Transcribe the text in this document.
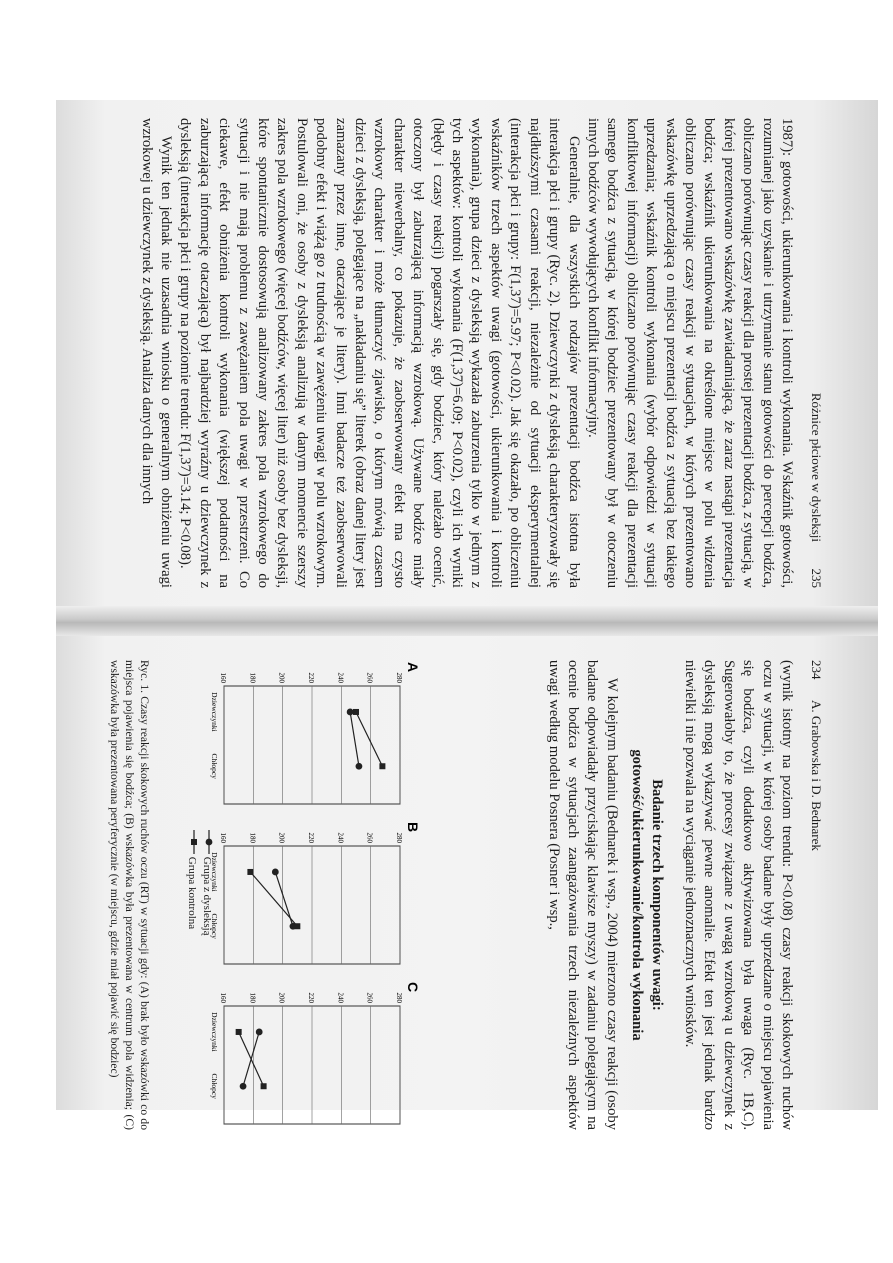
Różnice płciowe w dysleksji
235

1987): gotowości, ukierunkowania i kontroli wykonania. Wskaźnik gotowości, rozumianej jako uzyskanie i utrzymanie stanu gotowości do percepcji bodźca, obliczano porównując czasy reakcji dla prostej prezentacji bodźca, z sytuacją, w której prezentowano wskazówkę zawiadamiającą, że zaraz nastąpi prezentacja bodźca; wskaźnik ukierunkowania na określone miejsce w polu widzenia obliczano porównując czasy reakcji w sytuacjach, w których prezentowano wskazówkę uprzedzającą o miejscu prezentacji bodźca z sytuacją bez takiego uprzedzania; wskaźnik kontroli wykonania (wybór odpowiedzi w sytuacji konfliktowej informacji) obliczano porównując czasy reakcji dla prezentacji samego bodźca z sytuacją, w której bodziec prezentowany był w otoczeniu innych bodźców wywołujących konflikt informacyjny.

Generalnie, dla wszystkich rodzajów prezentacji bodźca istotna była interakcja płci i grupy (Ryc. 2). Dziewczynki z dysleksją charakteryzowały się najdłuższymi czasami reakcji, niezależnie od sytuacji eksperymentalnej (interakcja płci i grupy: F(1,37)=5.97; P<0.02). Jak się okazało, po obliczeniu wskaźników trzech aspektów uwagi (gotowości, ukierunkowania i kontroli wykonania), grupa dzieci z dysleksją wykazała zaburzenia tylko w jednym z tych aspektów: kontroli wykonania (F(1,37)=6.09; P<0.02), czyli ich wyniki (błędy i czasy reakcji) pogarszały się, gdy bodziec, który należało ocenić, otoczony był zaburzającą informacją wzrokową. Używane bodźce miały charakter niewerbalny, co pokazuje, że zaobserwowany efekt ma czysto wzrokowy charakter i może tłumaczyć zjawisko, o którym mówią czasem dzieci z dysleksją, polegające na „nakładaniu się” literek (obraz danej litery jest zamazany przez inne, otaczające je litery). Inni badacze też zaobserwowali podobny efekt i wiążą go z trudnością w zawężeniu uwagi w polu wzrokowym. Postulowali oni, że osoby z dysleksją analizują w danym momencie szerszy zakres pola wzrokowego (więcej bodźców, więcej liter) niż osoby bez dysleksji, które spontanicznie dostosowują analizowany zakres pola wzrokowego do sytuacji i nie mają problemu z zawężaniem pola uwagi w przestrzeni. Co ciekawe, efekt obniżenia kontroli wykonania (większej podatności na zaburzającą informację otaczającą) był najbardziej wyraźny u dziewczynek z dysleksją (interakcja płci i grupy na poziomie trendu: F(1,37)=3.14; P<0.08).

Wynik ten jednak nie uzasadnia wniosku o generalnym obniżeniu uwagi wzrokowej u dziewczynek z dysleksją. Analiza danych dla innych

234
A. Grabowska i D. Bednarek

(wynik istotny na poziom trendu: P<0.08) czasy reakcji skokowych ruchów oczu w sytuacji, w której osoby badane były uprzedzane o miejscu pojawienia się bodźca, czyli dodatkowo aktywizowana była uwaga (Ryc. 1B,C). Sugerowałoby to, że procesy związane z uwagą wzrokową u dziewczynek z dysleksją mogą wykazywać pewne anomalie. Efekt ten jest jednak bardzo niewielki i nie pozwala na wyciąganie jednoznacznych wniosków.

Badanie trzech komponentów uwagi:
gotowość/ukierunkowanie/kontrola wykonania

W kolejnym badaniu (Bednarek i wsp., 2004) mierzono czasy reakcji (osoby badane odpowiadały przyciskając klawisze myszy) w zadaniu polegającym na ocenie bodźca w sytuacjach zaangażowania trzech niezależnych aspektów uwagi według modelu Posnera (Posner i wsp.,

A
280
260
240
220
200
180
160
Dziewczynki
Chłopcy
B
280
260
240
220
200
180
160
Dziewczynki
Chłopcy
C
280
260
240
220
200
180
160
Dziewczynki
Chłopcy
Grupa z dysleksją
Grupa kontrolna
Ryc. 1. Czasy reakcji skokowych ruchów oczu (RT) w sytuacji gdy: (A) brak było wskazówki co do miejsca pojawienia się bodźca; (B) wskazówka była prezentowana w centrum pola widzenia; (C) wskazówka była prezentowana peryferycznie (w miejscu, gdzie miał pojawić się bodziec)
